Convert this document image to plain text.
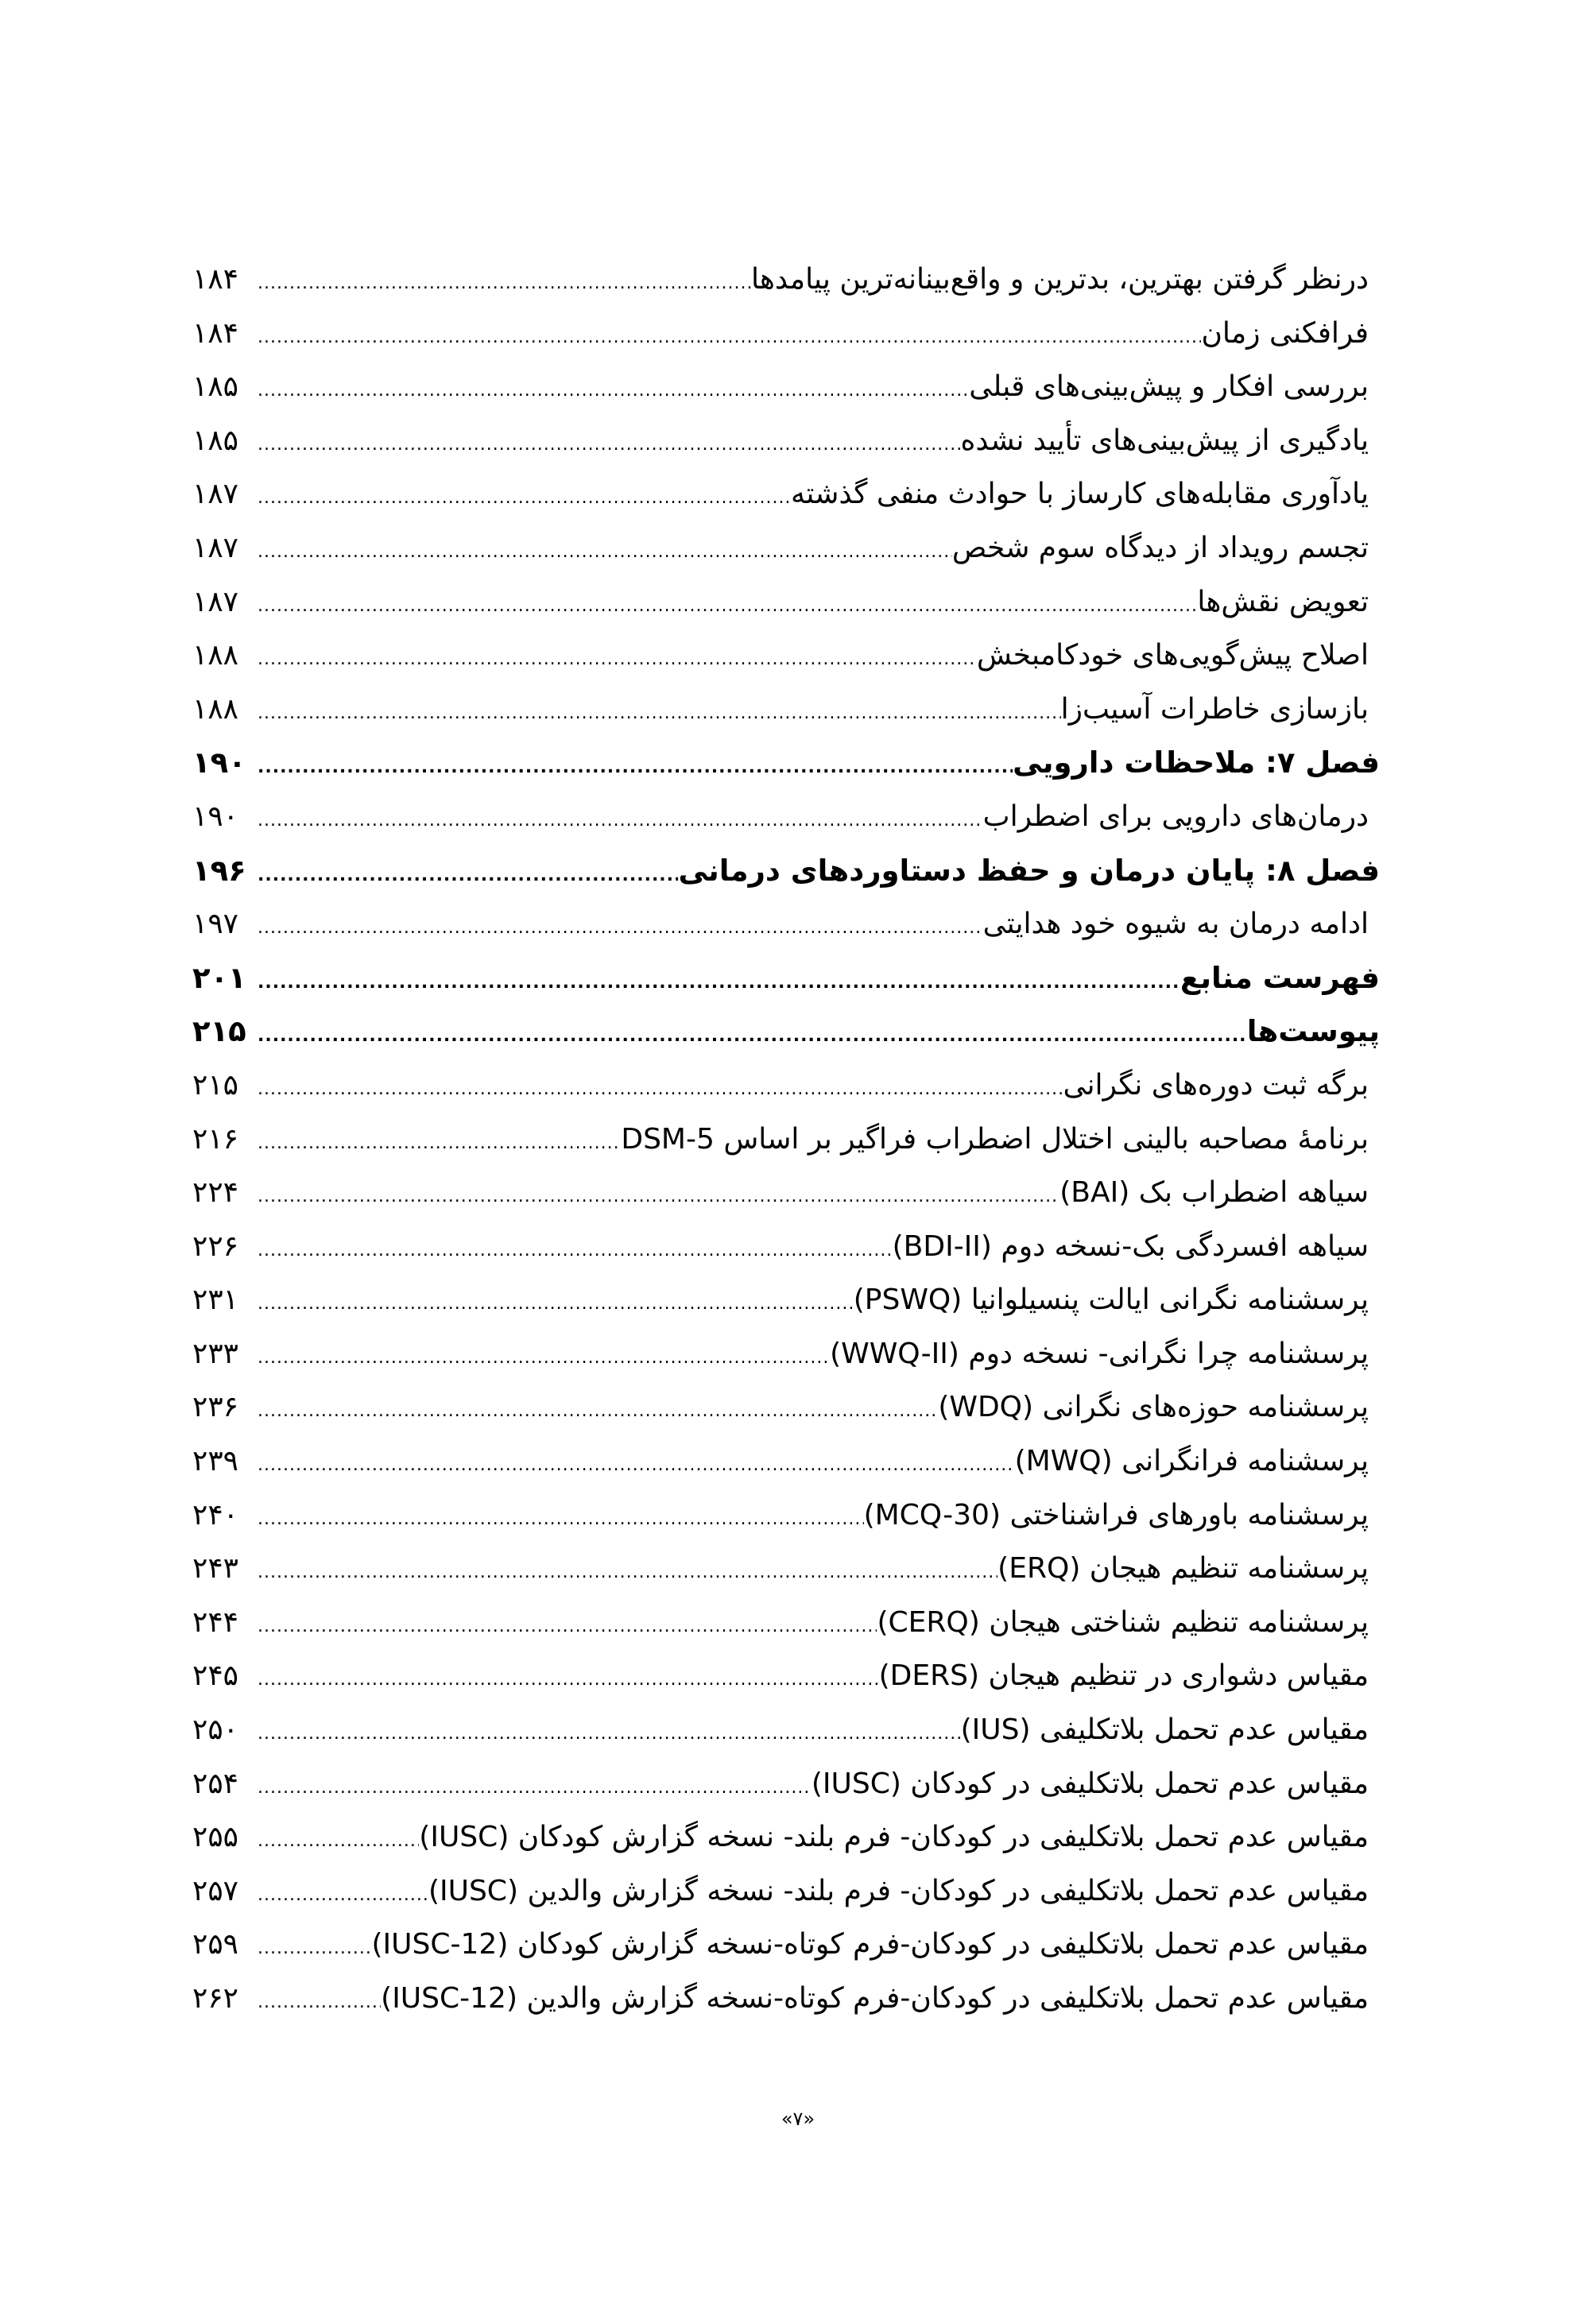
درنظر گرفتن بهترین، بدترین و واقع‌بینانه‌ترین پیامدها
.....
۱۸۴
فرافکنی زمان
.....
۱۸۴
بررسی افکار و پیش‌بینی‌های قبلی
.....
۱۸۵
یادگیری از پیش‌بینی‌های تأیید نشده
.....
۱۸۵
یادآوری مقابله‌های کارساز با حوادث منفی گذشته
.....
۱۸۷
تجسم رویداد از دیدگاه سوم شخص
.....
۱۸۷
تعویض نقش‌ها
.....
۱۸۷
اصلاح پیش‌گویی‌های خودکامبخش
.....
۱۸۸
بازسازی خاطرات آسیب‌زا
.....
۱۸۸
فصل ۷: ملاحظات دارویی
.....
۱۹۰
درمان‌های دارویی برای اضطراب
.....
۱۹۰
فصل ۸: پایان درمان و حفظ دستاوردهای درمانی
.....
۱۹۶
ادامه درمان به شیوه خود هدایتی
.....
۱۹۷
فهرست منابع
.....
۲۰۱
پیوست‌ها
.....
۲۱۵
برگه ثبت دوره‌های نگرانی
.....
۲۱۵
برنامهٔ مصاحبه بالینی اختلال اضطراب فراگیر بر اساس DSM-5
.....
۲۱۶
سیاهه اضطراب بک (BAI)
.....
۲۲۴
سیاهه افسردگی بک-نسخه دوم (BDI-II)
.....
۲۲۶
پرسشنامه نگرانی ایالت پنسیلوانیا (PSWQ)
.....
۲۳۱
پرسشنامه چرا نگرانی- نسخه دوم (WWQ-II)
.....
۲۳۳
پرسشنامه حوزه‌های نگرانی (WDQ)
.....
۲۳۶
پرسشنامه فرانگرانی (MWQ)
.....
۲۳۹
پرسشنامه باورهای فراشناختی (MCQ-30)
.....
۲۴۰
پرسشنامه تنظیم هیجان (ERQ)
.....
۲۴۳
پرسشنامه تنظیم شناختی هیجان (CERQ)
.....
۲۴۴
مقیاس دشواری در تنظیم هیجان (DERS)
.....
۲۴۵
مقیاس عدم تحمل بلاتکلیفی (IUS)
.....
۲۵۰
مقیاس عدم تحمل بلاتکلیفی در کودکان (IUSC)
.....
۲۵۴
مقیاس عدم تحمل بلاتکلیفی در کودکان- فرم بلند- نسخه گزارش کودکان (IUSC)
.....
۲۵۵
مقیاس عدم تحمل بلاتکلیفی در کودکان- فرم بلند- نسخه گزارش والدین (IUSC)
.....
۲۵۷
مقیاس عدم تحمل بلاتکلیفی در کودکان-فرم کوتاه-نسخه گزارش کودکان (IUSC-12)
.....
۲۵۹
مقیاس عدم تحمل بلاتکلیفی در کودکان-فرم کوتاه-نسخه گزارش والدین (IUSC-12)
.....
۲۶۲
«۷»
